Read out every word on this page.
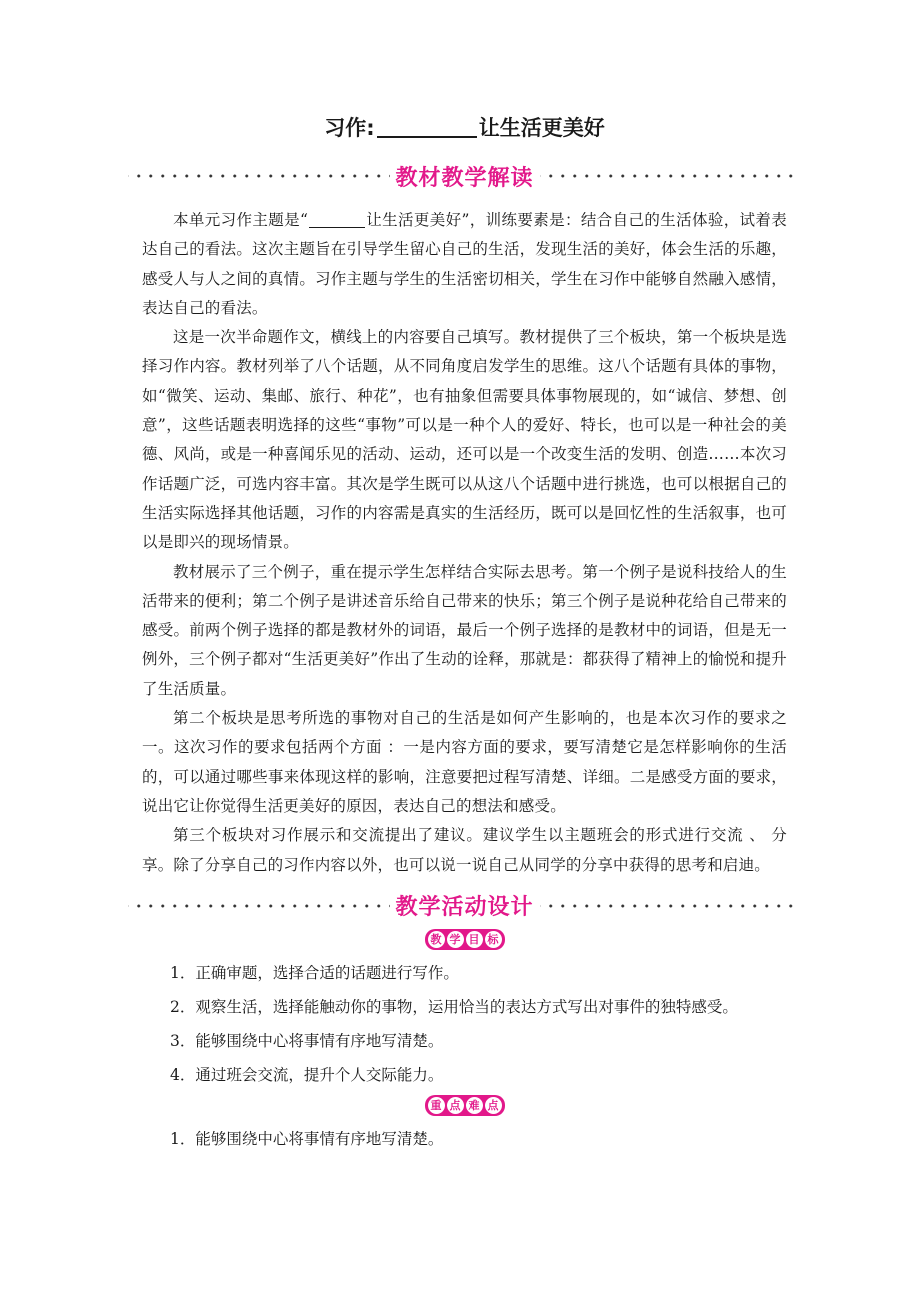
习作:	让生活更美好
教材教学解读

本单元习作主题是“	让生活更美好”，训练要素是：结合自己的生活体验，试着表达自己的看法。这次主题旨在引导学生留心自己的生活，发现生活的美好，体会生活的乐趣，感受人与人之间的真情。习作主题与学生的生活密切相关，学生在习作中能够自然融入感情，表达自己的看法。

这是一次半命题作文，横线上的内容要自己填写。教材提供了三个板块，第一个板块是选择习作内容。教材列举了八个话题，从不同角度启发学生的思维。这八个话题有具体的事物，如“微笑、运动、集邮、旅行、种花”，也有抽象但需要具体事物展现的，如“诚信、梦想、创意”，这些话题表明选择的这些“事物”可以是一种个人的爱好、特长，也可以是一种社会的美德、风尚，或是一种喜闻乐见的活动、运动，还可以是一个改变生活的发明、创造……本次习作话题广泛，可选内容丰富。其次是学生既可以从这八个话题中进行挑选，也可以根据自己的生活实际选择其他话题，习作的内容需是真实的生活经历，既可以是回忆性的生活叙事，也可以是即兴的现场情景。

教材展示了三个例子，重在提示学生怎样结合实际去思考。第一个例子是说科技给人的生活带来的便利；第二个例子是讲述音乐给自己带来的快乐；第三个例子是说种花给自己带来的感受。前两个例子选择的都是教材外的词语，最后一个例子选择的是教材中的词语，但是无一例外，三个例子都对“生活更美好”作出了生动的诠释，那就是：都获得了精神上的愉悦和提升了生活质量。

第二个板块是思考所选的事物对自己的生活是如何产生影响的，也是本次习作的要求之一。这次习作的要求包括两个方面 ：一是内容方面的要求，要写清楚它是怎样影响你的生活的，可以通过哪些事来体现这样的影响，注意要把过程写清楚、详细。二是感受方面的要求，说出它让你觉得生活更美好的原因，表达自己的想法和感受。

第三个板块对习作展示和交流提出了建议。建议学生以主题班会的形式进行交流 、 分享。除了分享自己的习作内容以外，也可以说一说自己从同学的分享中获得的思考和启迪。

教学活动设计
教 学 目 标
1．正确审题，选择合适的话题进行写作。
2．观察生活，选择能触动你的事物，运用恰当的表达方式写出对事件的独特感受。
3．能够围绕中心将事情有序地写清楚。
4．通过班会交流，提升个人交际能力。
重 点 难 点
1．能够围绕中心将事情有序地写清楚。
